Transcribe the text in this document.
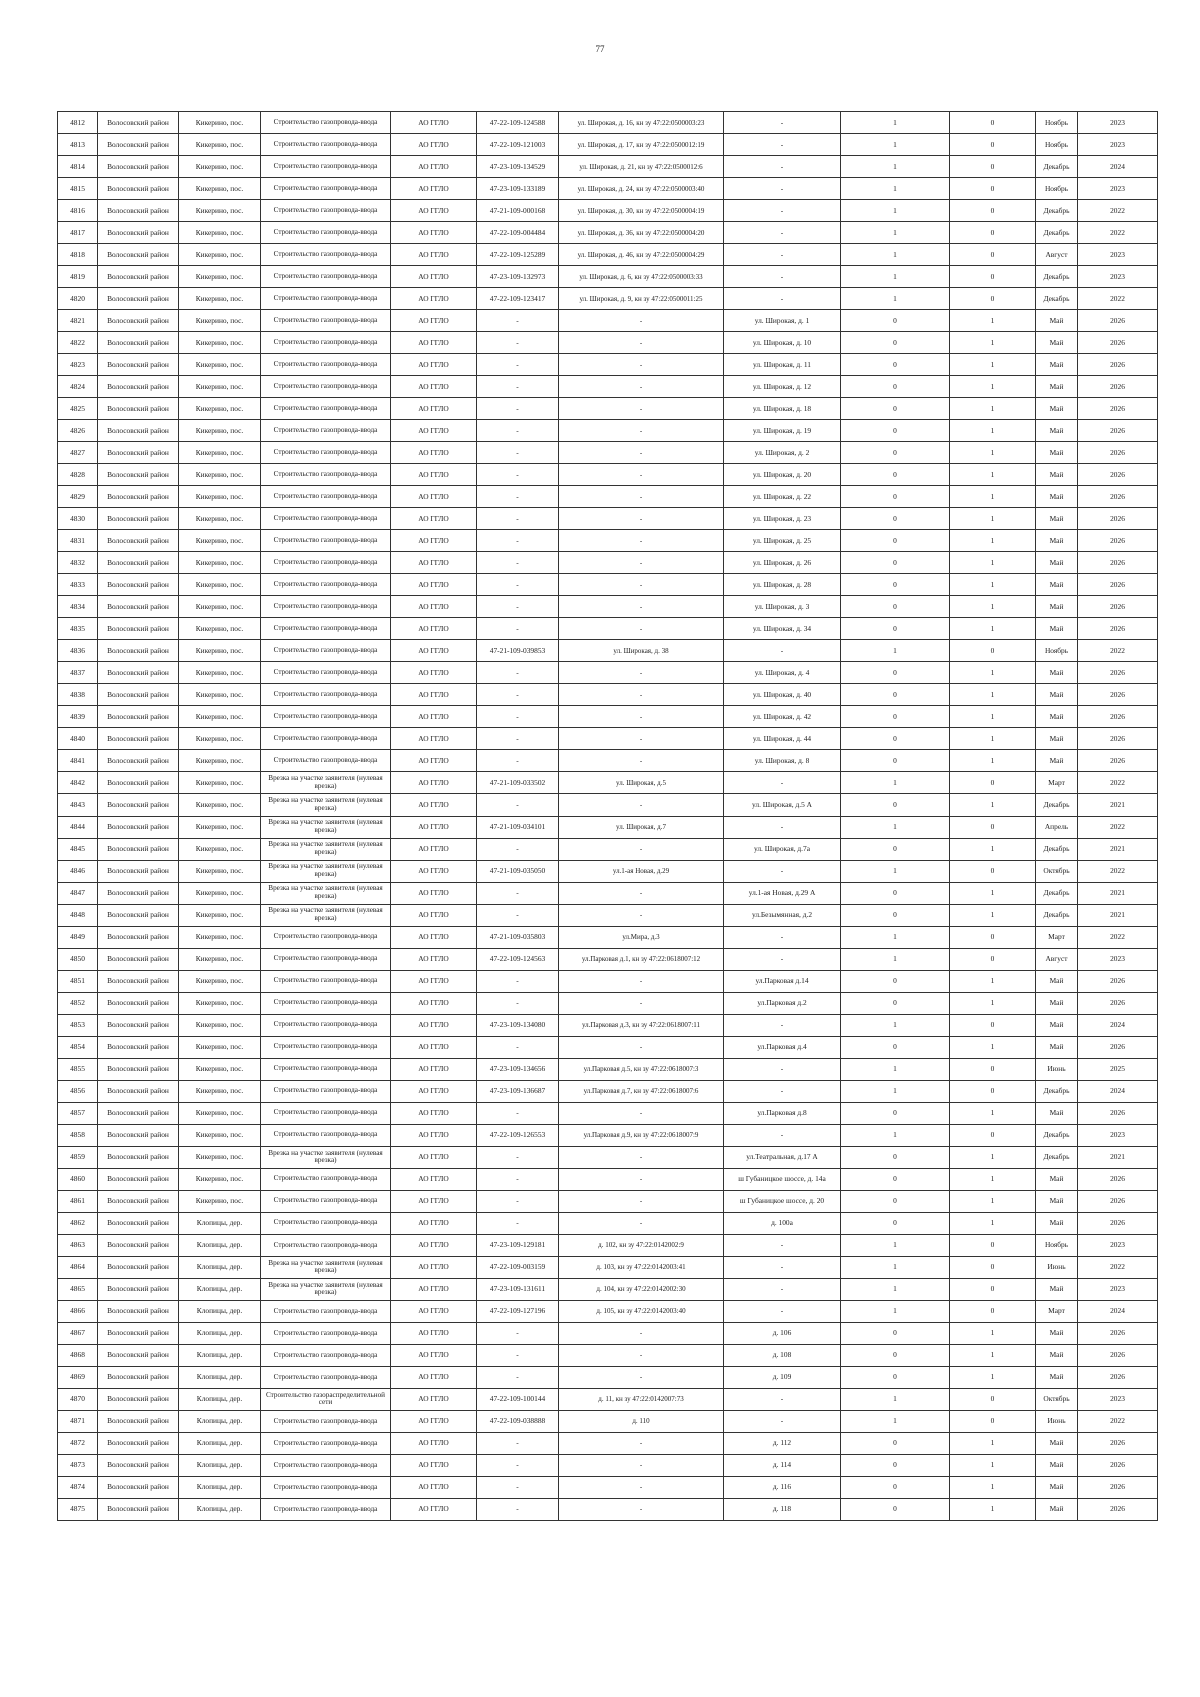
77
4812	Волосовский район	Кикерино, пос.	Строительство газопровода-ввода	АО ГГЛО	47-22-109-124588	ул. Широкая, д. 16, кн зу 47:22:0500003:23	-	1	0	Ноябрь	2023
4813	Волосовский район	Кикерино, пос.	Строительство газопровода-ввода	АО ГГЛО	47-22-109-121003	ул. Широкая, д. 17, кн зу 47:22:0500012:19	-	1	0	Ноябрь	2023
4814	Волосовский район	Кикерино, пос.	Строительство газопровода-ввода	АО ГГЛО	47-23-109-134529	ул. Широкая, д. 21, кн зу 47:22:0500012:6	-	1	0	Декабрь	2024
4815	Волосовский район	Кикерино, пос.	Строительство газопровода-ввода	АО ГГЛО	47-23-109-133189	ул. Широкая, д. 24, кн зу 47:22:0500003:40	-	1	0	Ноябрь	2023
4816	Волосовский район	Кикерино, пос.	Строительство газопровода-ввода	АО ГГЛО	47-21-109-000168	ул. Широкая, д. 30, кн зу 47:22:0500004:19	-	1	0	Декабрь	2022
4817	Волосовский район	Кикерино, пос.	Строительство газопровода-ввода	АО ГГЛО	47-22-109-004484	ул. Широкая, д. 36, кн зу 47:22:0500004:20	-	1	0	Декабрь	2022
4818	Волосовский район	Кикерино, пос.	Строительство газопровода-ввода	АО ГГЛО	47-22-109-125289	ул. Широкая, д. 46, кн зу 47:22:0500004:29	-	1	0	Август	2023
4819	Волосовский район	Кикерино, пос.	Строительство газопровода-ввода	АО ГГЛО	47-23-109-132973	ул. Широкая, д. 6, кн зу 47:22:0500003:33	-	1	0	Декабрь	2023
4820	Волосовский район	Кикерино, пос.	Строительство газопровода-ввода	АО ГГЛО	47-22-109-123417	ул. Широкая, д. 9, кн зу 47:22:0500011:25	-	1	0	Декабрь	2022
4821	Волосовский район	Кикерино, пос.	Строительство газопровода-ввода	АО ГГЛО	-	-	ул. Широкая, д. 1	0	1	Май	2026
4822	Волосовский район	Кикерино, пос.	Строительство газопровода-ввода	АО ГГЛО	-	-	ул. Широкая, д. 10	0	1	Май	2026
4823	Волосовский район	Кикерино, пос.	Строительство газопровода-ввода	АО ГГЛО	-	-	ул. Широкая, д. 11	0	1	Май	2026
4824	Волосовский район	Кикерино, пос.	Строительство газопровода-ввода	АО ГГЛО	-	-	ул. Широкая, д. 12	0	1	Май	2026
4825	Волосовский район	Кикерино, пос.	Строительство газопровода-ввода	АО ГГЛО	-	-	ул. Широкая, д. 18	0	1	Май	2026
4826	Волосовский район	Кикерино, пос.	Строительство газопровода-ввода	АО ГГЛО	-	-	ул. Широкая, д. 19	0	1	Май	2026
4827	Волосовский район	Кикерино, пос.	Строительство газопровода-ввода	АО ГГЛО	-	-	ул. Широкая, д. 2	0	1	Май	2026
4828	Волосовский район	Кикерино, пос.	Строительство газопровода-ввода	АО ГГЛО	-	-	ул. Широкая, д. 20	0	1	Май	2026
4829	Волосовский район	Кикерино, пос.	Строительство газопровода-ввода	АО ГГЛО	-	-	ул. Широкая, д. 22	0	1	Май	2026
4830	Волосовский район	Кикерино, пос.	Строительство газопровода-ввода	АО ГГЛО	-	-	ул. Широкая, д. 23	0	1	Май	2026
4831	Волосовский район	Кикерино, пос.	Строительство газопровода-ввода	АО ГГЛО	-	-	ул. Широкая, д. 25	0	1	Май	2026
4832	Волосовский район	Кикерино, пос.	Строительство газопровода-ввода	АО ГГЛО	-	-	ул. Широкая, д. 26	0	1	Май	2026
4833	Волосовский район	Кикерино, пос.	Строительство газопровода-ввода	АО ГГЛО	-	-	ул. Широкая, д. 28	0	1	Май	2026
4834	Волосовский район	Кикерино, пос.	Строительство газопровода-ввода	АО ГГЛО	-	-	ул. Широкая, д. 3	0	1	Май	2026
4835	Волосовский район	Кикерино, пос.	Строительство газопровода-ввода	АО ГГЛО	-	-	ул. Широкая, д. 34	0	1	Май	2026
4836	Волосовский район	Кикерино, пос.	Строительство газопровода-ввода	АО ГГЛО	47-21-109-039853	ул. Широкая, д. 38	-	1	0	Ноябрь	2022
4837	Волосовский район	Кикерино, пос.	Строительство газопровода-ввода	АО ГГЛО	-	-	ул. Широкая, д. 4	0	1	Май	2026
4838	Волосовский район	Кикерино, пос.	Строительство газопровода-ввода	АО ГГЛО	-	-	ул. Широкая, д. 40	0	1	Май	2026
4839	Волосовский район	Кикерино, пос.	Строительство газопровода-ввода	АО ГГЛО	-	-	ул. Широкая, д. 42	0	1	Май	2026
4840	Волосовский район	Кикерино, пос.	Строительство газопровода-ввода	АО ГГЛО	-	-	ул. Широкая, д. 44	0	1	Май	2026
4841	Волосовский район	Кикерино, пос.	Строительство газопровода-ввода	АО ГГЛО	-	-	ул. Широкая, д. 8	0	1	Май	2026
4842	Волосовский район	Кикерино, пос.	Врезка на участке заявителя (нулевая врезка)	АО ГГЛО	47-21-109-033502	ул. Широкая, д.5	-	1	0	Март	2022
4843	Волосовский район	Кикерино, пос.	Врезка на участке заявителя (нулевая врезка)	АО ГГЛО	-	-	ул. Широкая, д.5 А	0	1	Декабрь	2021
4844	Волосовский район	Кикерино, пос.	Врезка на участке заявителя (нулевая врезка)	АО ГГЛО	47-21-109-034101	ул. Широкая, д.7	-	1	0	Апрель	2022
4845	Волосовский район	Кикерино, пос.	Врезка на участке заявителя (нулевая врезка)	АО ГГЛО	-	-	ул. Широкая, д.7а	0	1	Декабрь	2021
4846	Волосовский район	Кикерино, пос.	Врезка на участке заявителя (нулевая врезка)	АО ГГЛО	47-21-109-035050	ул.1-ая Новая, д.29	-	1	0	Октябрь	2022
4847	Волосовский район	Кикерино, пос.	Врезка на участке заявителя (нулевая врезка)	АО ГГЛО	-	-	ул.1-ая Новая, д.29 А	0	1	Декабрь	2021
4848	Волосовский район	Кикерино, пос.	Врезка на участке заявителя (нулевая врезка)	АО ГГЛО	-	-	ул.Безымянная, д.2	0	1	Декабрь	2021
4849	Волосовский район	Кикерино, пос.	Строительство газопровода-ввода	АО ГГЛО	47-21-109-035803	ул.Мира, д.3	-	1	0	Март	2022
4850	Волосовский район	Кикерино, пос.	Строительство газопровода-ввода	АО ГГЛО	47-22-109-124563	ул.Парковая д.1, кн зу 47:22:0618007:12	-	1	0	Август	2023
4851	Волосовский район	Кикерино, пос.	Строительство газопровода-ввода	АО ГГЛО	-	-	ул.Парковая д.14	0	1	Май	2026
4852	Волосовский район	Кикерино, пос.	Строительство газопровода-ввода	АО ГГЛО	-	-	ул.Парковая д.2	0	1	Май	2026
4853	Волосовский район	Кикерино, пос.	Строительство газопровода-ввода	АО ГГЛО	47-23-109-134080	ул.Парковая д.3, кн зу 47:22:0618007:11	-	1	0	Май	2024
4854	Волосовский район	Кикерино, пос.	Строительство газопровода-ввода	АО ГГЛО	-	-	ул.Парковая д.4	0	1	Май	2026
4855	Волосовский район	Кикерино, пос.	Строительство газопровода-ввода	АО ГГЛО	47-23-109-134656	ул.Парковая д.5, кн зу 47:22:0618007:3	-	1	0	Июнь	2025
4856	Волосовский район	Кикерино, пос.	Строительство газопровода-ввода	АО ГГЛО	47-23-109-136687	ул.Парковая д.7, кн зу 47:22:0618007:6	-	1	0	Декабрь	2024
4857	Волосовский район	Кикерино, пос.	Строительство газопровода-ввода	АО ГГЛО	-	-	ул.Парковая д.8	0	1	Май	2026
4858	Волосовский район	Кикерино, пос.	Строительство газопровода-ввода	АО ГГЛО	47-22-109-126553	ул.Парковая д.9, кн зу 47:22:0618007:9	-	1	0	Декабрь	2023
4859	Волосовский район	Кикерино, пос.	Врезка на участке заявителя (нулевая врезка)	АО ГГЛО	-	-	ул.Театральная, д.17 А	0	1	Декабрь	2021
4860	Волосовский район	Кикерино, пос.	Строительство газопровода-ввода	АО ГГЛО	-	-	ш Губаницкое шоссе, д. 14а	0	1	Май	2026
4861	Волосовский район	Кикерино, пос.	Строительство газопровода-ввода	АО ГГЛО	-	-	ш Губаницкое шоссе, д. 20	0	1	Май	2026
4862	Волосовский район	Клопицы, дер.	Строительство газопровода-ввода	АО ГГЛО	-	-	д. 100а	0	1	Май	2026
4863	Волосовский район	Клопицы, дер.	Строительство газопровода-ввода	АО ГГЛО	47-23-109-129181	д. 102, кн зу 47:22:0142002:9	-	1	0	Ноябрь	2023
4864	Волосовский район	Клопицы, дер.	Врезка на участке заявителя (нулевая врезка)	АО ГГЛО	47-22-109-003159	д. 103, кн зу 47:22:0142003:41	-	1	0	Июнь	2022
4865	Волосовский район	Клопицы, дер.	Врезка на участке заявителя (нулевая врезка)	АО ГГЛО	47-23-109-131611	д. 104, кн зу 47:22:0142002:30	-	1	0	Май	2023
4866	Волосовский район	Клопицы, дер.	Строительство газопровода-ввода	АО ГГЛО	47-22-109-127196	д. 105, кн зу 47:22:0142003:40	-	1	0	Март	2024
4867	Волосовский район	Клопицы, дер.	Строительство газопровода-ввода	АО ГГЛО	-	-	д. 106	0	1	Май	2026
4868	Волосовский район	Клопицы, дер.	Строительство газопровода-ввода	АО ГГЛО	-	-	д. 108	0	1	Май	2026
4869	Волосовский район	Клопицы, дер.	Строительство газопровода-ввода	АО ГГЛО	-	-	д. 109	0	1	Май	2026
4870	Волосовский район	Клопицы, дер.	Строительство газораспределительной сети	АО ГГЛО	47-22-109-100144	д. 11, кн зу 47:22:0142007:73	-	1	0	Октябрь	2023
4871	Волосовский район	Клопицы, дер.	Строительство газопровода-ввода	АО ГГЛО	47-22-109-038888	д. 110	-	1	0	Июнь	2022
4872	Волосовский район	Клопицы, дер.	Строительство газопровода-ввода	АО ГГЛО	-	-	д. 112	0	1	Май	2026
4873	Волосовский район	Клопицы, дер.	Строительство газопровода-ввода	АО ГГЛО	-	-	д. 114	0	1	Май	2026
4874	Волосовский район	Клопицы, дер.	Строительство газопровода-ввода	АО ГГЛО	-	-	д. 116	0	1	Май	2026
4875	Волосовский район	Клопицы, дер.	Строительство газопровода-ввода	АО ГГЛО	-	-	д. 118	0	1	Май	2026
